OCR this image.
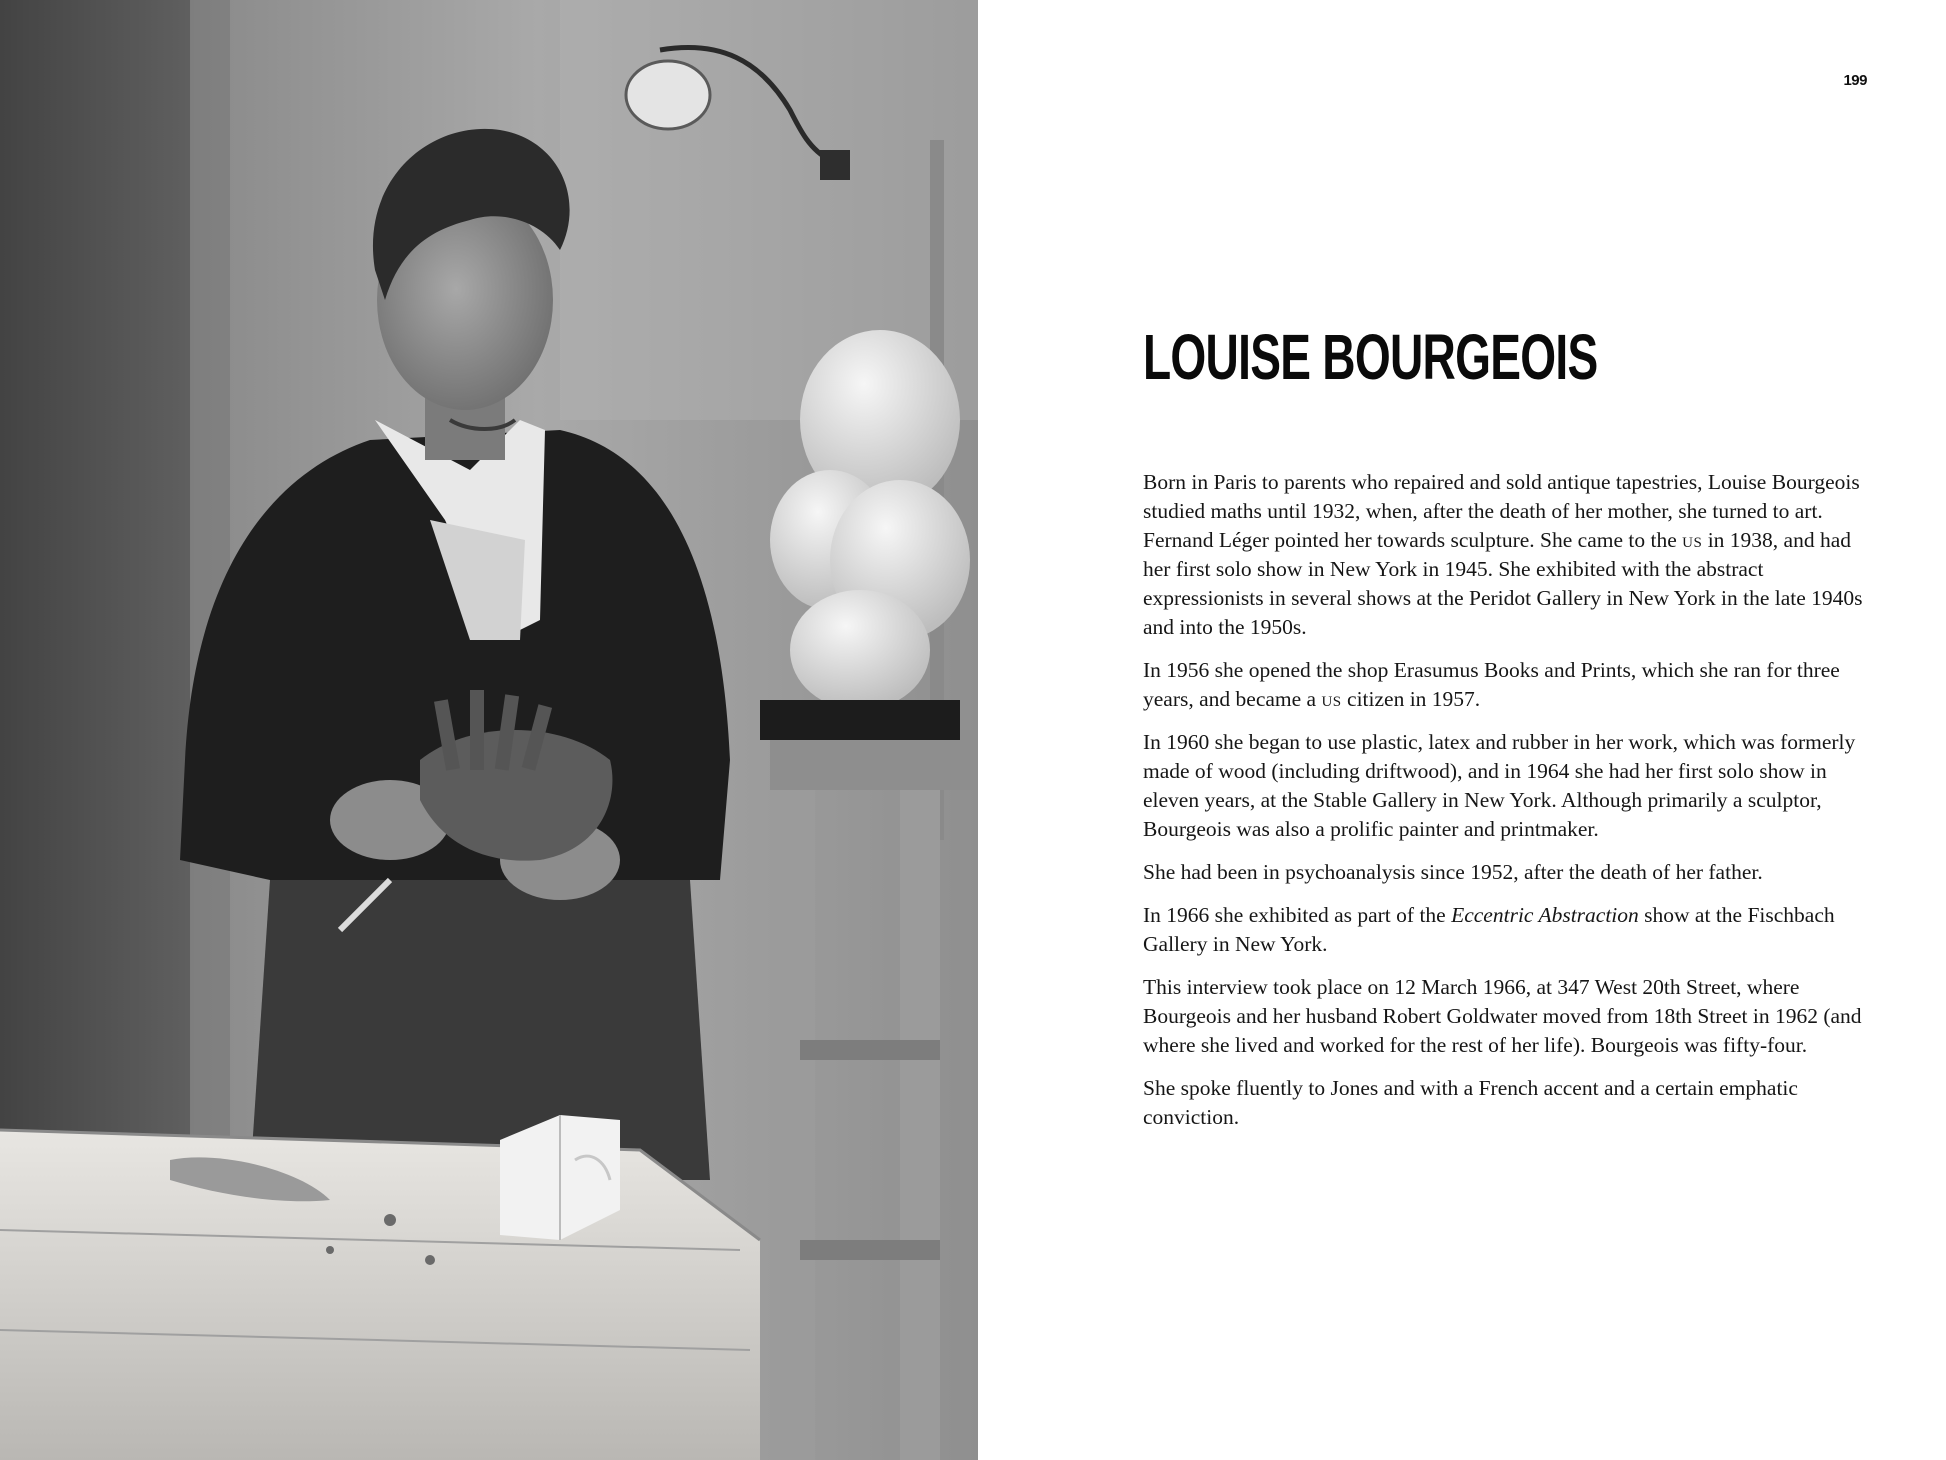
199
LOUISE BOURGEOIS

Born in Paris to parents who repaired and sold antique tapestries, Louise Bourgeois studied maths until 1932, when, after the death of her mother, she turned to art. Fernand Léger pointed her towards sculpture. She came to the us in 1938, and had her first solo show in New York in 1945. She exhibited with the abstract expressionists in several shows at the Peridot Gallery in New York in the late 1940s and into the 1950s.

In 1956 she opened the shop Erasumus Books and Prints, which she ran for three years, and became a us citizen in 1957.

In 1960 she began to use plastic, latex and rubber in her work, which was formerly made of wood (including driftwood), and in 1964 she had her first solo show in eleven years, at the Stable Gallery in New York. Although primarily a sculptor, Bourgeois was also a prolific painter and printmaker.

She had been in psychoanalysis since 1952, after the death of her father.

In 1966 she exhibited as part of the Eccentric Abstraction show at the Fischbach Gallery in New York.

This interview took place on 12 March 1966, at 347 West 20th Street, where Bourgeois and her husband Robert Goldwater moved from 18th Street in 1962 (and where she lived and worked for the rest of her life). Bourgeois was fifty-four.

She spoke fluently to Jones and with a French accent and a certain emphatic conviction.
